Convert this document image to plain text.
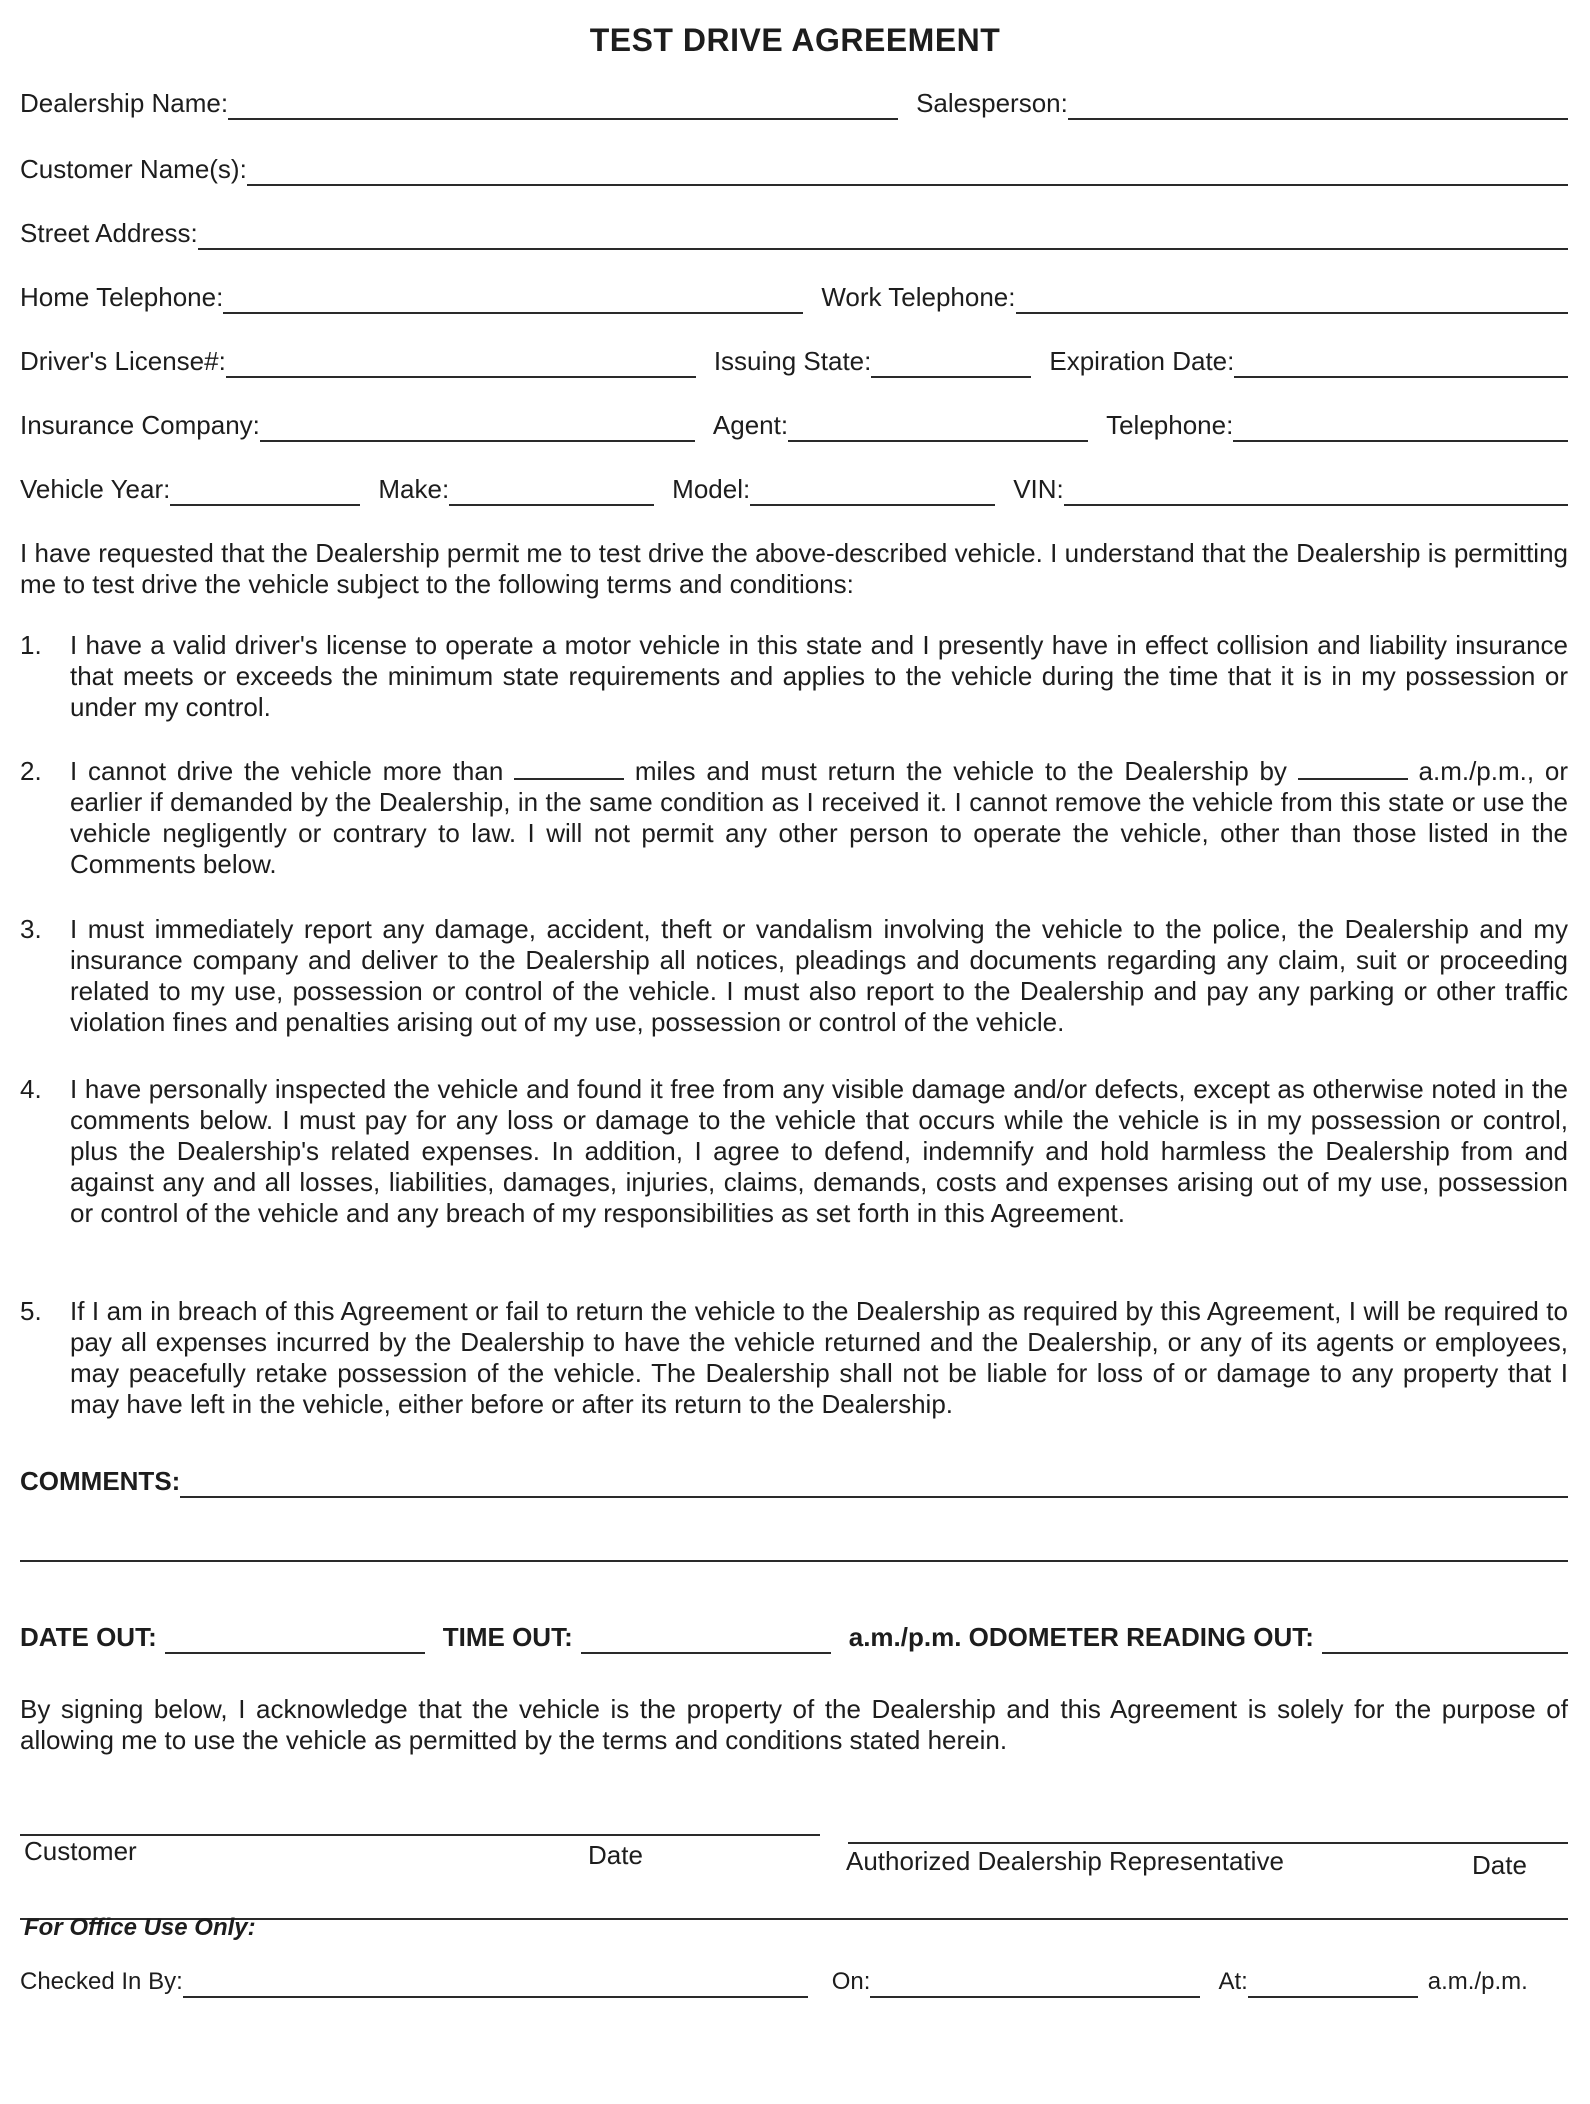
TEST DRIVE AGREEMENT
Dealership Name:	Salesperson:
Customer Name(s):
Street Address:
Home Telephone:	Work Telephone:
Driver's License#:	Issuing State:	Expiration Date:
Insurance Company:	Agent:	Telephone:
Vehicle Year:	Make:	Model:	VIN:
I have requested that the Dealership permit me to test drive the above-described vehicle. I understand that the Dealership is permitting me to test drive the vehicle subject to the following terms and conditions:
1.	I have a valid driver's license to operate a motor vehicle in this state and I presently have in effect collision and liability insurance that meets or exceeds the minimum state requirements and applies to the vehicle during the time that it is in my possession or under my control.
2.	I cannot drive the vehicle more than	miles and must return the vehicle to the Dealership by	a.m./p.m., or earlier if demanded by the Dealership, in the same condition as I received it. I cannot remove the vehicle from this state or use the vehicle negligently or contrary to law. I will not permit any other person to operate the vehicle, other than those listed in the Comments below.
3.	I must immediately report any damage, accident, theft or vandalism involving the vehicle to the police, the Dealership and my insurance company and deliver to the Dealership all notices, pleadings and documents regarding any claim, suit or proceeding related to my use, possession or control of the vehicle. I must also report to the Dealership and pay any parking or other traffic violation fines and penalties arising out of my use, possession or control of the vehicle.
4.	I have personally inspected the vehicle and found it free from any visible damage and/or defects, except as otherwise noted in the comments below. I must pay for any loss or damage to the vehicle that occurs while the vehicle is in my possession or control, plus the Dealership's related expenses. In addition, I agree to defend, indemnify and hold harmless the Dealership from and against any and all losses, liabilities, damages, injuries, claims, demands, costs and expenses arising out of my use, possession or control of the vehicle and any breach of my responsibilities as set forth in this Agreement.
5.	If I am in breach of this Agreement or fail to return the vehicle to the Dealership as required by this Agreement, I will be required to pay all expenses incurred by the Dealership to have the vehicle returned and the Dealership, or any of its agents or employees, may peacefully retake possession of the vehicle. The Dealership shall not be liable for loss of or damage to any property that I may have left in the vehicle, either before or after its return to the Dealership.
COMMENTS:
DATE OUT:	TIME OUT:	a.m./p.m. ODOMETER READING OUT:
By signing below, I acknowledge that the vehicle is the property of the Dealership and this Agreement is solely for the purpose of allowing me to use the vehicle as permitted by the terms and conditions stated herein.
Customer	Date	Authorized Dealership Representative	Date
For Office Use Only:
Checked In By:	On:	At:	a.m./p.m.
